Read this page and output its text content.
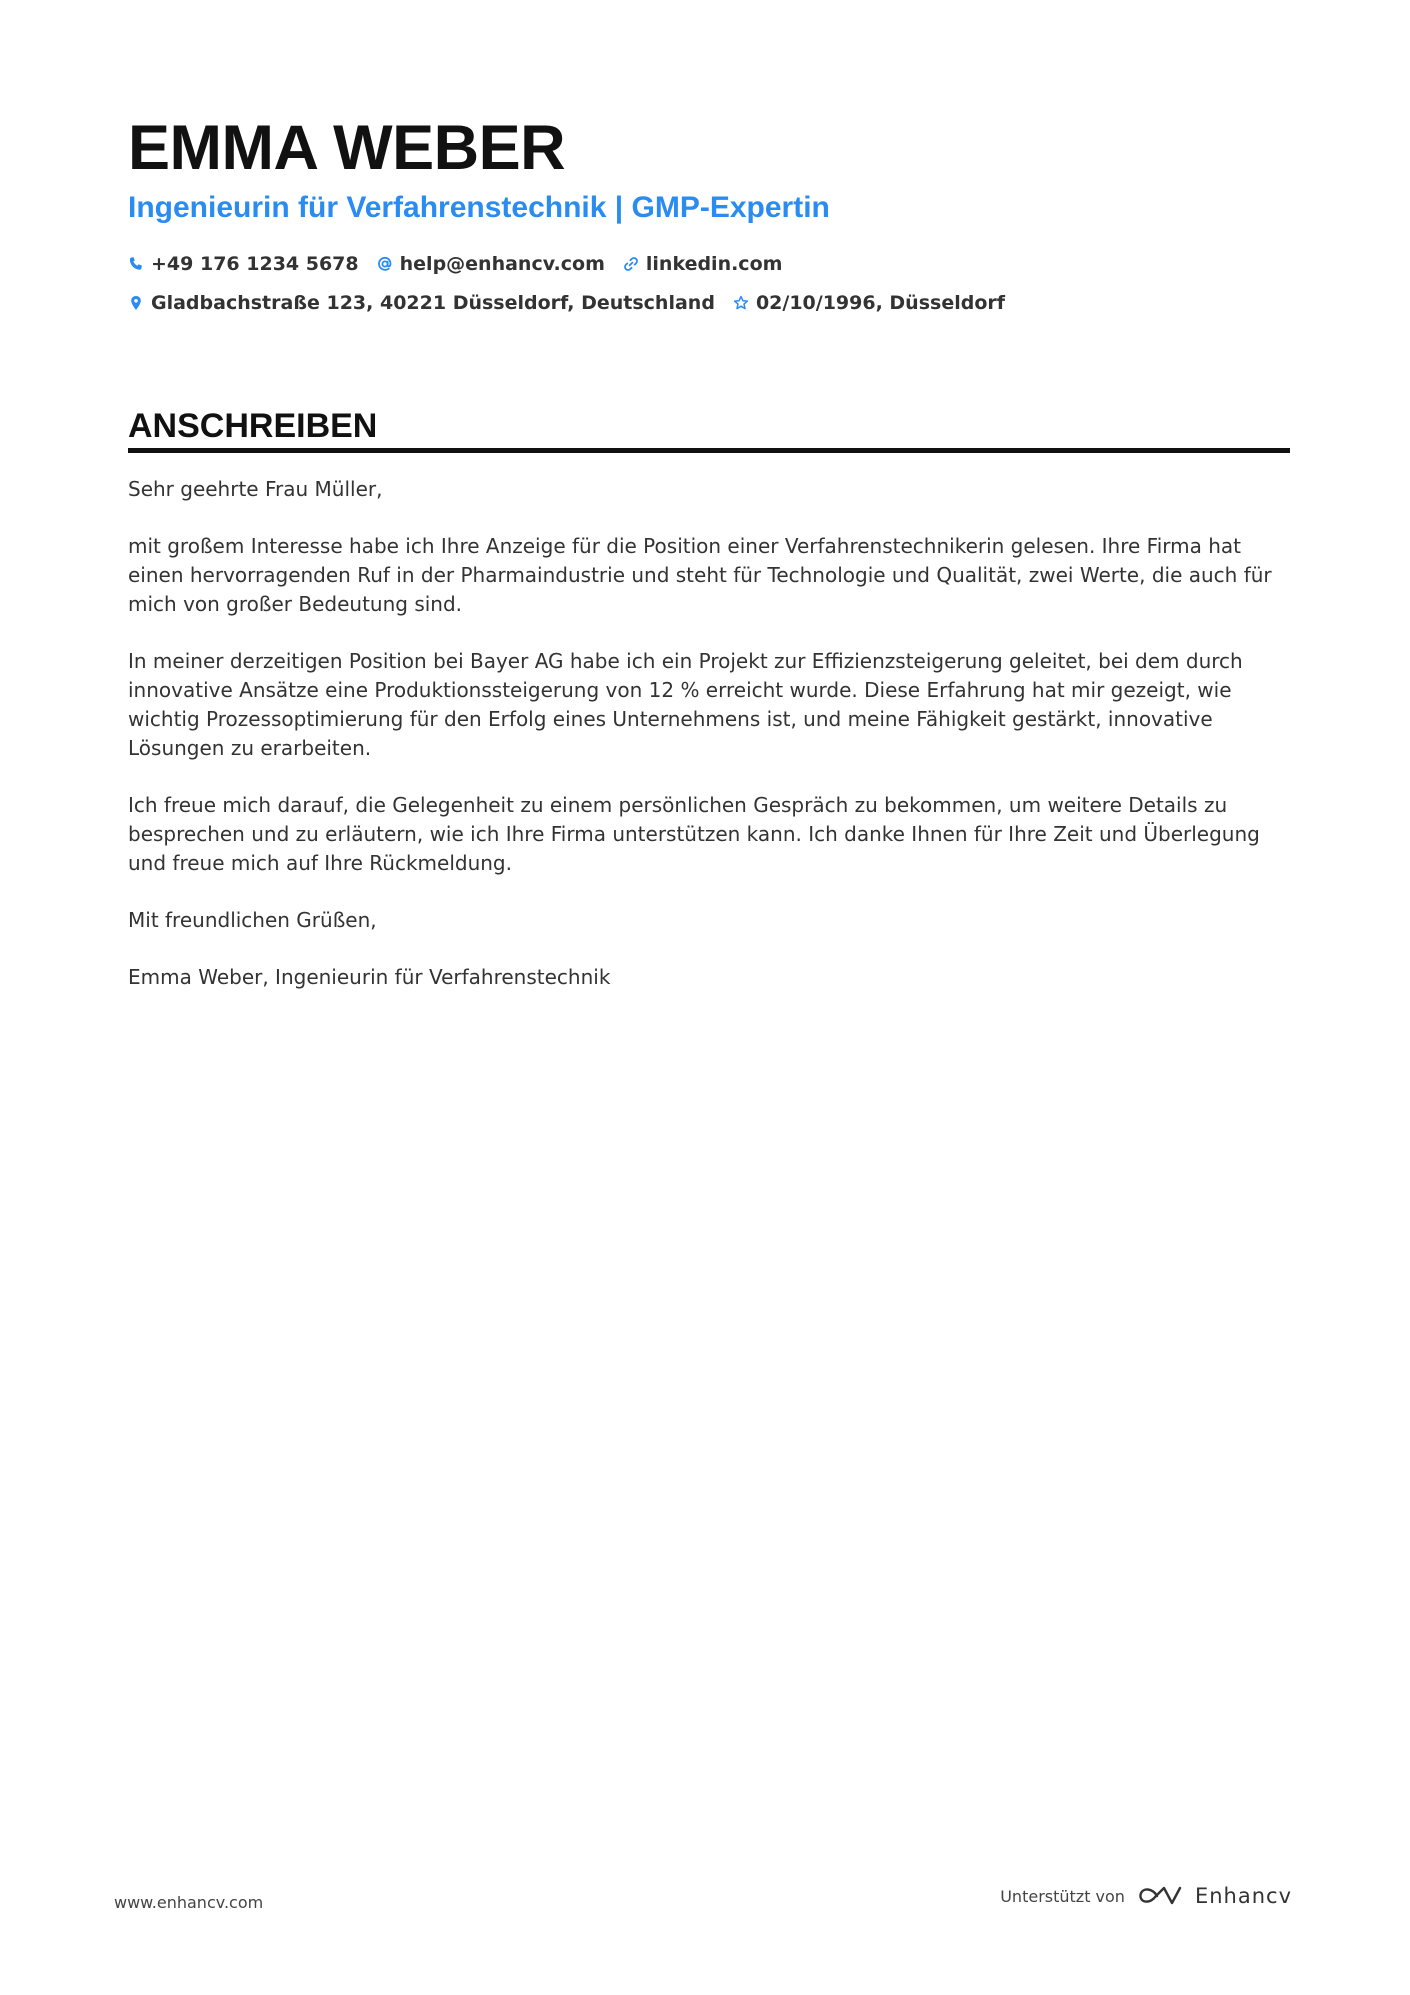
EMMA WEBER
Ingenieurin für Verfahrenstechnik | GMP-Expertin
+49 176 1234 5678 help@enhancv.com linkedin.com
Gladbachstraße 123, 40221 Düsseldorf, Deutschland 02/10/1996, Düsseldorf
ANSCHREIBEN

Sehr geehrte Frau Müller,

mit großem Interesse habe ich Ihre Anzeige für die Position einer Verfahrenstechnikerin gelesen. Ihre Firma hat einen hervorragenden Ruf in der Pharmaindustrie und steht für Technologie und Qualität, zwei Werte, die auch für mich von großer Bedeutung sind.

In meiner derzeitigen Position bei Bayer AG habe ich ein Projekt zur Effizienzsteigerung geleitet, bei dem durch innovative Ansätze eine Produktionssteigerung von 12 % erreicht wurde. Diese Erfahrung hat mir gezeigt, wie wichtig Prozessoptimierung für den Erfolg eines Unternehmens ist, und meine Fähigkeit gestärkt, innovative Lösungen zu erarbeiten.

Ich freue mich darauf, die Gelegenheit zu einem persönlichen Gespräch zu bekommen, um weitere Details zu besprechen und zu erläutern, wie ich Ihre Firma unterstützen kann. Ich danke Ihnen für Ihre Zeit und Überlegung und freue mich auf Ihre Rückmeldung.

Mit freundlichen Grüßen,

Emma Weber, Ingenieurin für Verfahrenstechnik

www.enhancv.com	Unterstützt von	Enhancv
